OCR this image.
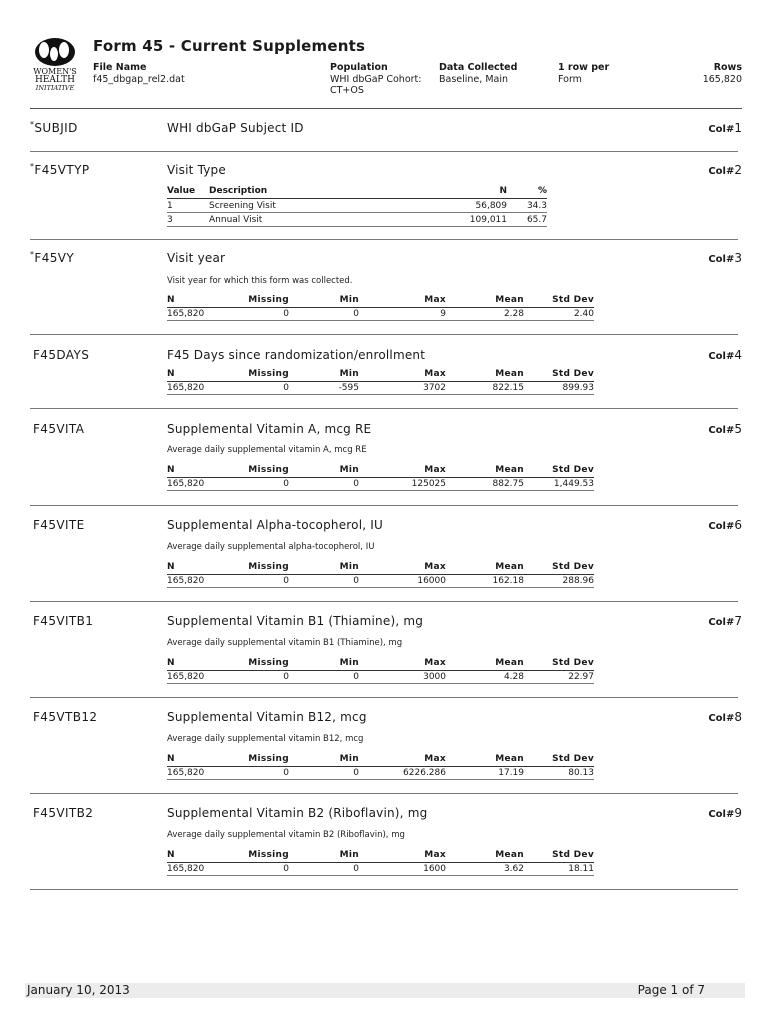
WOMEN'S
HEALTH
INITIATIVE
Form 45 - Current Supplements
File Name
f45_dbgap_rel2.dat
Population
WHI dbGaP Cohort: CT+OS
Data Collected
Baseline, Main
1 row per
Form
Rows
165,820
*SUBJID	WHI dbGaP Subject ID	Col#1
*F45VTYP	Visit Type	Col#2
Value	Description	N	%
1	Screening Visit	56,809	34.3
3	Annual Visit	109,011	65.7
*F45VY	Visit year	Col#3
Visit year for which this form was collected.
N	Missing	Min	Max	Mean	Std Dev
165,820	0	0	9	2.28	2.40
F45DAYS	F45 Days since randomization/enrollment	Col#4
N	Missing	Min	Max	Mean	Std Dev
165,820	0	-595	3702	822.15	899.93
F45VITA	Supplemental Vitamin A, mcg RE	Col#5
Average daily supplemental vitamin A, mcg RE
N	Missing	Min	Max	Mean	Std Dev
165,820	0	0	125025	882.75	1,449.53
F45VITE	Supplemental Alpha-tocopherol, IU	Col#6
Average daily supplemental alpha-tocopherol, IU
N	Missing	Min	Max	Mean	Std Dev
165,820	0	0	16000	162.18	288.96
F45VITB1	Supplemental Vitamin B1 (Thiamine), mg	Col#7
Average daily supplemental vitamin B1 (Thiamine), mg
N	Missing	Min	Max	Mean	Std Dev
165,820	0	0	3000	4.28	22.97
F45VTB12	Supplemental Vitamin B12, mcg	Col#8
Average daily supplemental vitamin B12, mcg
N	Missing	Min	Max	Mean	Std Dev
165,820	0	0	6226.286	17.19	80.13
F45VITB2	Supplemental Vitamin B2 (Riboflavin), mg	Col#9
Average daily supplemental vitamin B2 (Riboflavin), mg
N	Missing	Min	Max	Mean	Std Dev
165,820	0	0	1600	3.62	18.11
January 10, 2013	Page 1 of 7
